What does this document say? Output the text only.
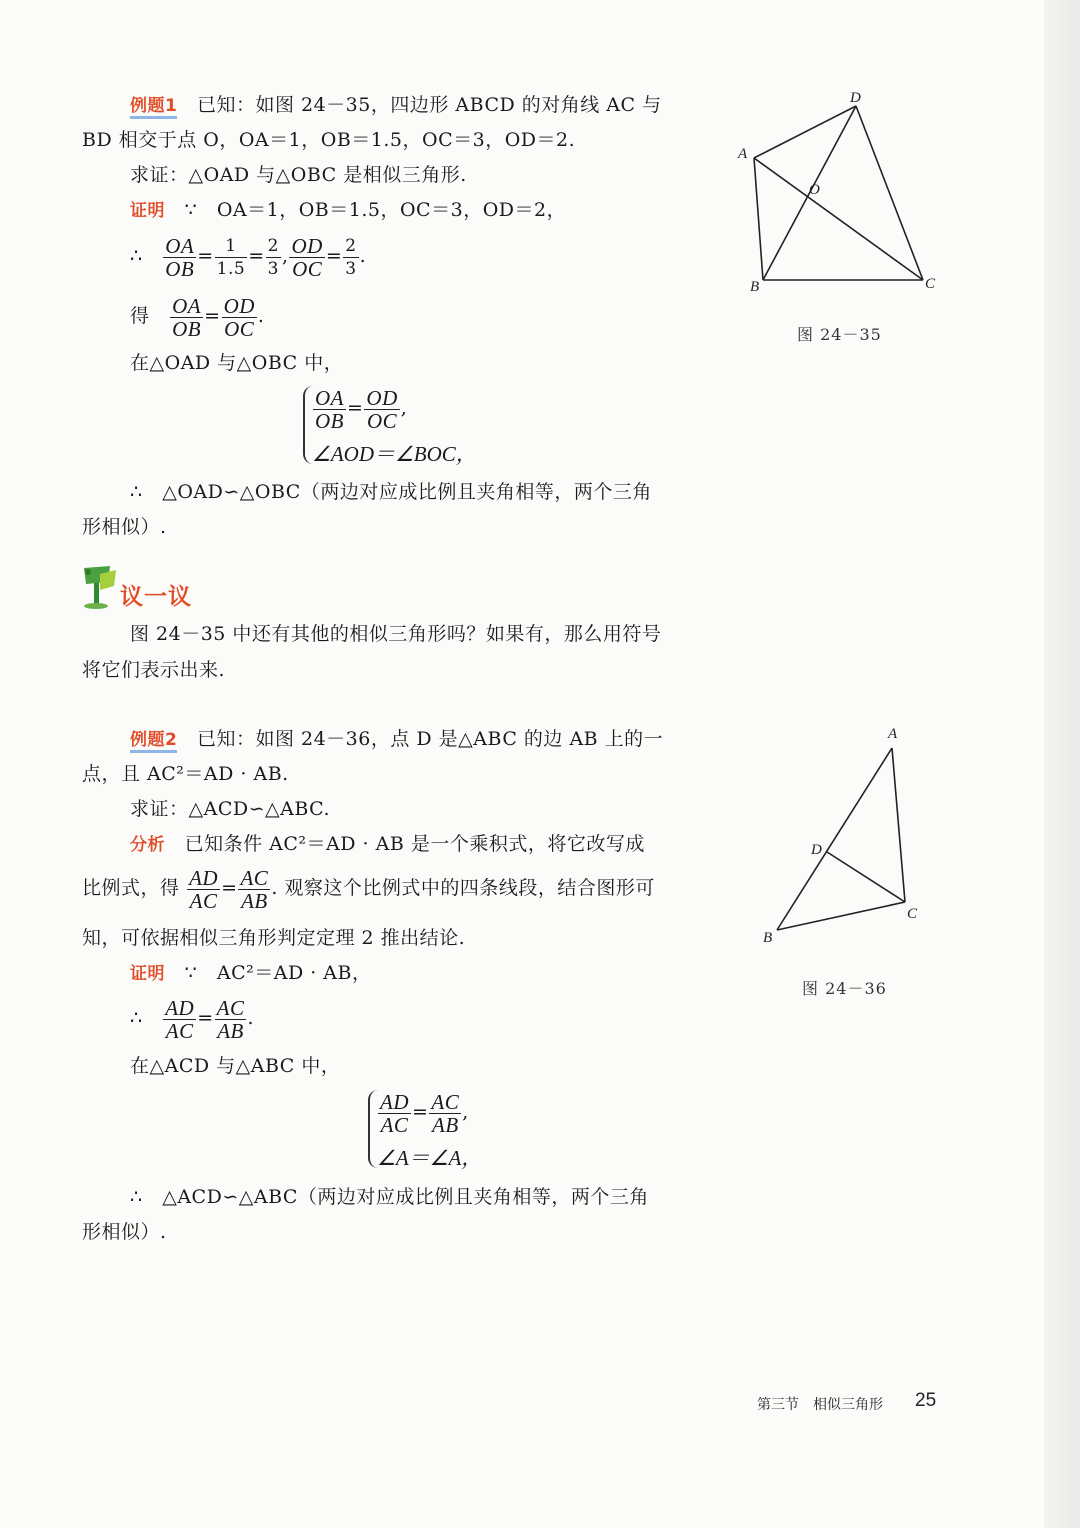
例题1 已知：如图 24－35，四边形 ABCD 的对角线 AC 与
BD 相交于点 O，OA＝1，OB＝1.5，OC＝3，OD＝2.
求证：△OAD 与△OBC 是相似三角形.
证明 ∵ OA＝1，OB＝1.5，OC＝3，OD＝2，
∴ $\frac{OA}{OB} = \frac{1}{1.5} = \frac{2}{3}$ , $\frac{OD}{OC} = \frac{2}{3}$ .
得 $\frac{OA}{OB} = \frac{OD}{OC}$ .
在△OAD 与△OBC 中，
$\frac{OA}{OB} = \frac{OD}{OC}$ ,
∠AOD＝∠BOC，
∴ △OAD∽△OBC（两边对应成比例且夹角相等，两个三角
形相似）.
议一议
图 24－35 中还有其他的相似三角形吗？如果有，那么用符号
将它们表示出来.
例题2 已知：如图 24－36，点 D 是△ABC 的边 AB 上的一
点，且 AC²＝AD · AB.
求证：△ACD∽△ABC.
分析 已知条件 AC²＝AD · AB 是一个乘积式，将它改写成
比例式，得 $\frac{AD}{AC} = \frac{AC}{AB}$ . 观察这个比例式中的四条线段，结合图形可
知，可依据相似三角形判定定理 2 推出结论.
证明 ∵ AC²＝AD · AB，
∴ $\frac{AD}{AC} = \frac{AC}{AB}$ .
在△ACD 与△ABC 中，
$\frac{AD}{AC} = \frac{AC}{AB}$ ,
∠A＝∠A，
∴ △ACD∽△ABC（两边对应成比例且夹角相等，两个三角
形相似）.
A
B	C
D
O
图 24－35
A
B
C
D
图 24－36
第三节　相似三角形 25
